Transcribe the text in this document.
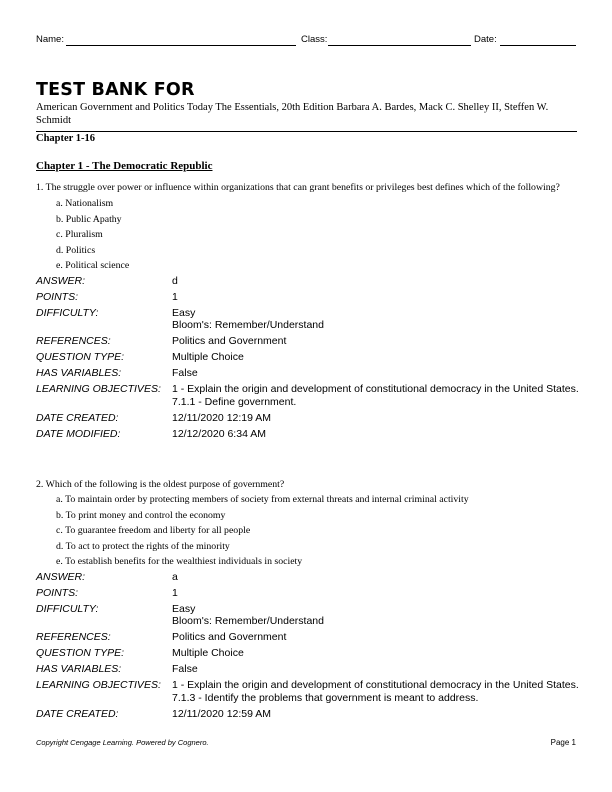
Name:	Class:	Date:
TEST BANK FOR
American Government and Politics Today The Essentials, 20th Edition Barbara A. Bardes, Mack C. Shelley II, Steffen W. Schmidt
Chapter 1-16
Chapter 1 - The Democratic Republic

1. The struggle over power or influence within organizations that can grant benefits or privileges best defines which of the following?

a. Nationalism
b. Public Apathy
c. Pluralism
d. Politics
e. Political science
ANSWER:	d
POINTS:	1
DIFFICULTY:	Easy
Bloom's: Remember/Understand
REFERENCES:	Politics and Government
QUESTION TYPE:	Multiple Choice
HAS VARIABLES:	False
LEARNING OBJECTIVES:	1 - Explain the origin and development of constitutional democracy in the United States.
7.1.1 - Define government.
DATE CREATED:	12/11/2020 12:19 AM
DATE MODIFIED:	12/12/2020 6:34 AM

2. Which of the following is the oldest purpose of government?

a. To maintain order by protecting members of society from external threats and internal criminal activity
b. To print money and control the economy
c. To guarantee freedom and liberty for all people
d. To act to protect the rights of the minority
e. To establish benefits for the wealthiest individuals in society
ANSWER:	a
POINTS:	1
DIFFICULTY:	Easy
Bloom's: Remember/Understand
REFERENCES:	Politics and Government
QUESTION TYPE:	Multiple Choice
HAS VARIABLES:	False
LEARNING OBJECTIVES:	1 - Explain the origin and development of constitutional democracy in the United States.
7.1.3 - Identify the problems that government is meant to address.
DATE CREATED:	12/11/2020 12:59 AM
Copyright Cengage Learning. Powered by Cognero.	Page 1
